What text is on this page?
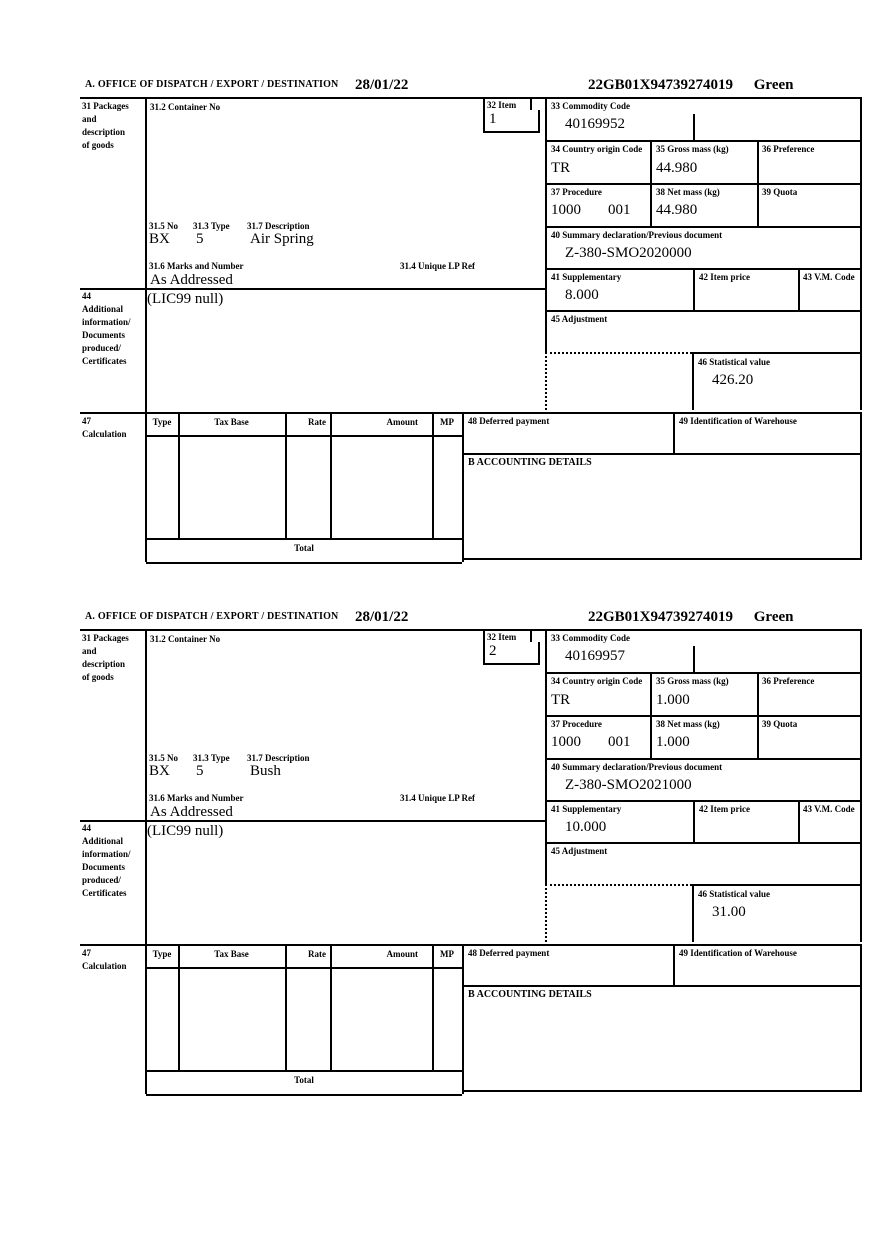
A. OFFICE OF DISPATCH / EXPORT / DESTINATION 28/01/22	22GB01X94739274019 Green
31 Packages
and
description
of goods
44
Additional
information/
Documents
produced/
Certificates
47
Calculation
31.2 Container No	32 Item
1
31.5 No 31.3 Type 31.7 Description
BX 5	Air Spring
31.6 Marks and Number	31.4 Unique LP Ref
As Addressed
(LIC99 null)
33 Commodity Code
40169952
34 Country origin Code
TR
35 Gross mass (kg)
44.980
36 Preference
37 Procedure
1000 001
38 Net mass (kg)
44.980
39 Quota
40 Summary declaration/Previous document
Z-380-SMO2020000
41 Supplementary
8.000
42 Item price	43 V.M. Code
45 Adjustment
46 Statistical value
426.20
Type	Tax Base	Rate	Amount	MP
Total
48 Deferred payment	49 Identification of Warehouse
B ACCOUNTING DETAILS
A. OFFICE OF DISPATCH / EXPORT / DESTINATION 28/01/22	22GB01X94739274019 Green
31 Packages
and
description
of goods
44
Additional
information/
Documents
produced/
Certificates
47
Calculation
31.2 Container No	32 Item
2
31.5 No 31.3 Type 31.7 Description
BX 5	Bush
31.6 Marks and Number	31.4 Unique LP Ref
As Addressed
(LIC99 null)
33 Commodity Code
40169957
34 Country origin Code
TR
35 Gross mass (kg)
1.000
36 Preference
37 Procedure
1000 001
38 Net mass (kg)
1.000
39 Quota
40 Summary declaration/Previous document
Z-380-SMO2021000
41 Supplementary
10.000
42 Item price	43 V.M. Code
45 Adjustment
46 Statistical value
31.00
Type	Tax Base	Rate	Amount	MP
Total
48 Deferred payment	49 Identification of Warehouse
B ACCOUNTING DETAILS
